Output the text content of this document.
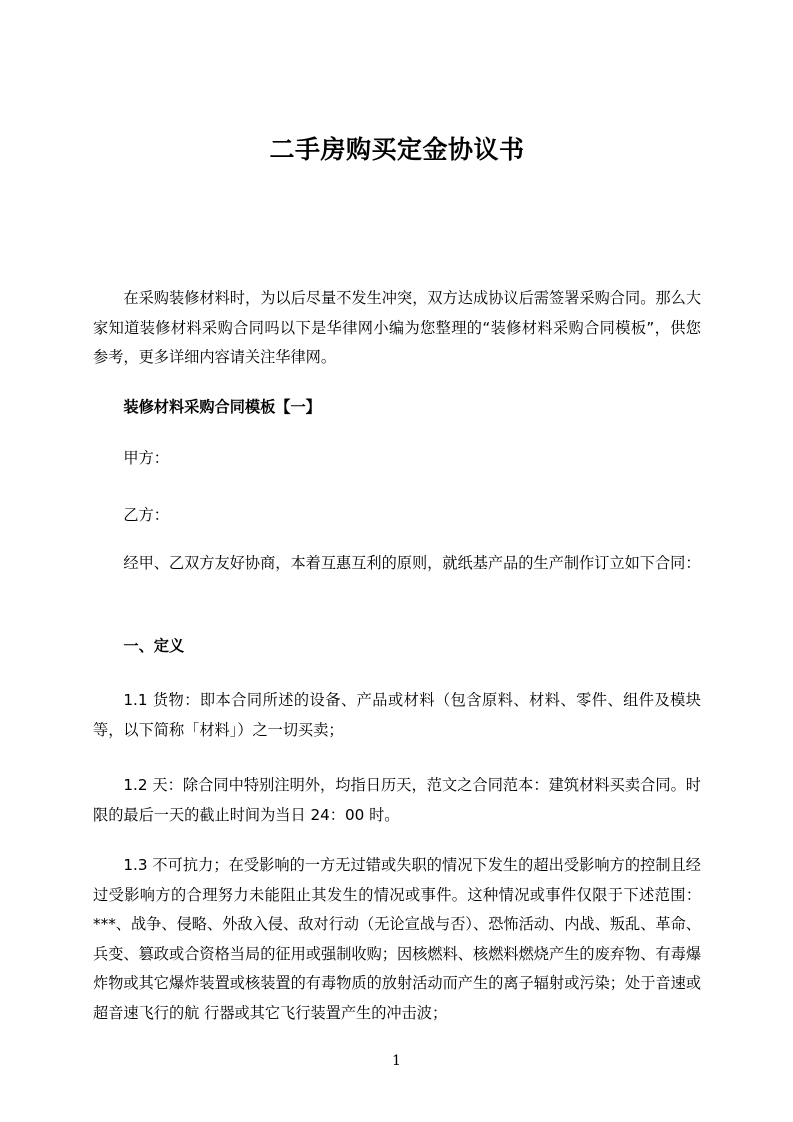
二手房购买定金协议书

在采购装修材料时，为以后尽量不发生冲突，双方达成协议后需签署采购合同。那么大家知道装修材料采购合同吗以下是华律网小编为您整理的“装修材料采购合同模板”，供您参考，更多详细内容请关注华律网。

装修材料采购合同模板【一】

甲方：

乙方：

经甲、乙双方友好协商，本着互惠互利的原则，就纸基产品的生产制作订立如下合同：

一、定义

1.1 货物：即本合同所述的设备、产品或材料（包含原料、材料、零件、组件及模块等，以下简称「材料」）之一切买卖；

1.2 天：除合同中特别注明外，均指日历天，范文之合同范本：建筑材料买卖合同。时限的最后一天的截止时间为当日 24：00 时。

1.3 不可抗力；在受影响的一方无过错或失职的情况下发生的超出受影响方的控制且经过受影响方的合理努力未能阻止其发生的情况或事件。这种情况或事件仅限于下述范围：***、战争、侵略、外敌入侵、敌对行动（无论宣战与否）、恐怖活动、内战、叛乱、革命、兵变、篡政或合资格当局的征用或强制收购；因核燃料、核燃料燃烧产生的废弃物、有毒爆炸物或其它爆炸装置或核装置的有毒物质的放射活动而产生的离子辐射或污染；处于音速或超音速飞行的航 行器或其它飞行装置产生的冲击波；

1
